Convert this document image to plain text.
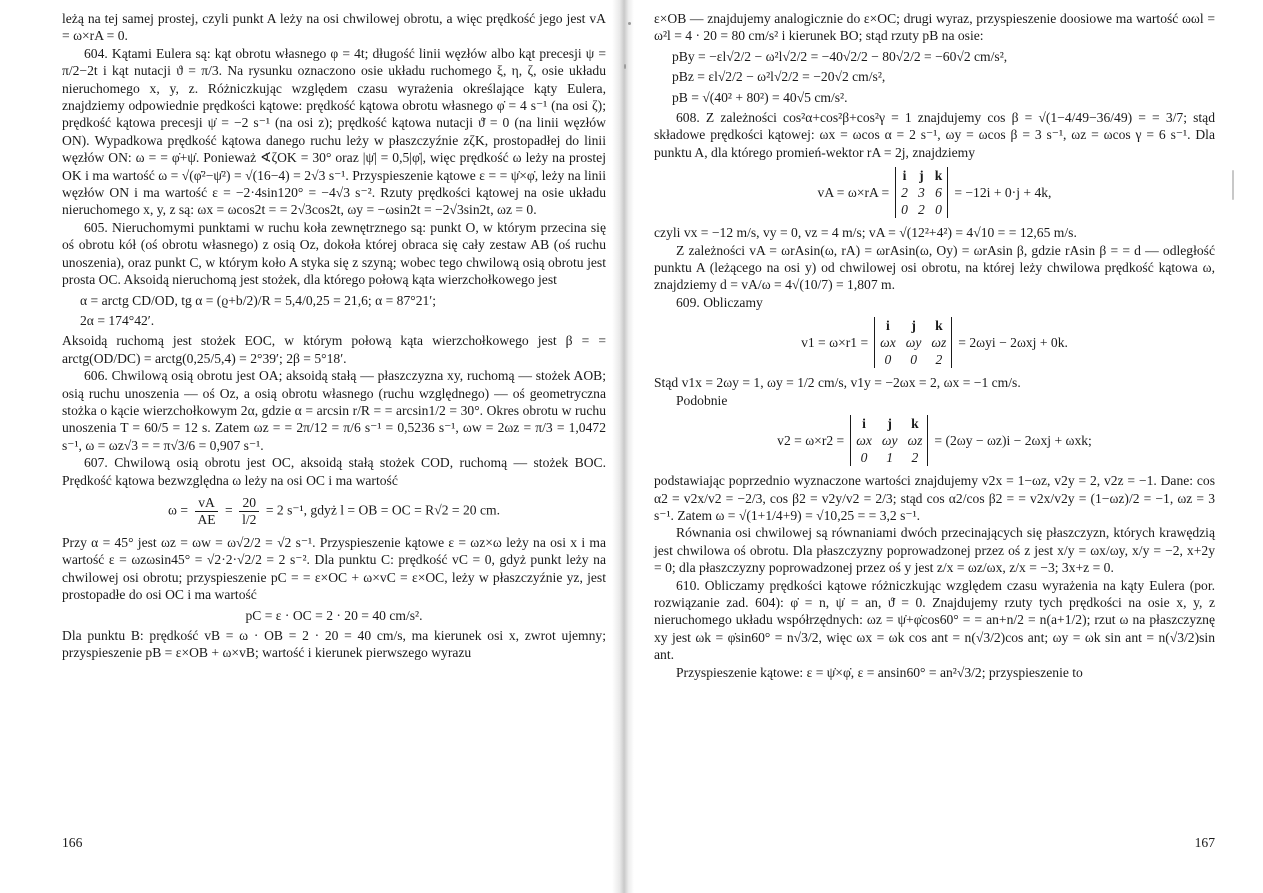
leżą na tej samej prostej, czyli punkt A leży na osi chwilowej obrotu, a więc prędkość jego jest vA = ω×rA = 0.

604. Kątami Eulera są: kąt obrotu własnego φ = 4t; długość linii węzłów albo kąt precesji ψ = π/2−2t i kąt nutacji ϑ = π/3. Na rysunku oznaczono osie układu ruchomego ξ, η, ζ, osie układu nieruchomego x, y, z. Różniczkując względem czasu wyrażenia określające kąty Eulera, znajdziemy odpowiednie prędkości kątowe: prędkość kątowa obrotu własnego φ̇ = 4 s⁻¹ (na osi ζ); prędkość kątowa precesji ψ̇ = −2 s⁻¹ (na osi z); prędkość kątowa nutacji ϑ̇ = 0 (na linii węzłów ON). Wypadkowa prędkość kątowa danego ruchu leży w płaszczyźnie zζK, prostopadłej do linii węzłów ON: ω = = φ̇+ψ̇. Ponieważ ∢ζOK = 30° oraz |ψ̇| = 0,5|φ̇|, więc prędkość ω leży na prostej OK i ma wartość ω = √(φ̇²−ψ̇²) = √(16−4) = 2√3 s⁻¹. Przyspieszenie kątowe ε = = ψ̇×φ̇, leży na linii węzłów ON i ma wartość ε = −2·4sin120° = −4√3 s⁻². Rzuty prędkości kątowej na osie układu nieruchomego x, y, z są: ωx = ωcos2t = = 2√3cos2t, ωy = −ωsin2t = −2√3sin2t, ωz = 0.

605. Nieruchomymi punktami w ruchu koła zewnętrznego są: punkt O, w którym przecina się oś obrotu kół (oś obrotu własnego) z osią Oz, dokoła której obraca się cały zestaw AB (oś ruchu unoszenia), oraz punkt C, w którym koło A styka się z szyną; wobec tego chwilową osią obrotu jest prosta OC. Aksoidą nieruchomą jest stożek, dla którego połową kąta wierzchołkowego jest

α = arctg CD/OD, tg α = (ϱ+b/2)/R = 5,4/0,25 = 21,6; α = 87°21′;
2α = 174°42′.

Aksoidą ruchomą jest stożek EOC, w którym połową kąta wierzchołkowego jest β = = arctg(OD/DC) = arctg(0,25/5,4) = 2°39′; 2β = 5°18′.

606. Chwilową osią obrotu jest OA; aksoidą stałą — płaszczyzna xy, ruchomą — stożek AOB; osią ruchu unoszenia — oś Oz, a osią obrotu własnego (ruchu względnego) — oś geometryczna stożka o kącie wierzchołkowym 2α, gdzie α = arcsin r/R = = arcsin1/2 = 30°. Okres obrotu w ruchu unoszenia T = 60/5 = 12 s. Zatem ωz = = 2π/12 = π/6 s⁻¹ = 0,5236 s⁻¹, ωw = 2ωz = π/3 = 1,0472 s⁻¹, ω = ωz√3 = = π√3/6 = 0,907 s⁻¹.

607. Chwilową osią obrotu jest OC, aksoidą stałą stożek COD, ruchomą — stożek BOC. Prędkość kątowa bezwzględna ω leży na osi OC i ma wartość

$\omega = \frac{vA}{AE} = \frac{20}{l/2} = 2$ s⁻¹, gdyż l = OB = OC = R√2 = 20 cm.

Przy α = 45° jest ωz = ωw = ω√2/2 = √2 s⁻¹. Przyspieszenie kątowe ε = ωz×ω leży na osi x i ma wartość ε = ωzωsin45° = √2·2·√2/2 = 2 s⁻². Dla punktu C: prędkość vC = 0, gdyż punkt leży na chwilowej osi obrotu; przyspieszenie pC = = ε×OC + ω×vC = ε×OC, leży w płaszczyźnie yz, jest prostopadłe do osi OC i ma wartość

pC = ε · OC = 2 · 20 = 40 cm/s².

Dla punktu B: prędkość vB = ω · OB = 2 · 20 = 40 cm/s, ma kierunek osi x, zwrot ujemny; przyspieszenie pB = ε×OB + ω×vB; wartość i kierunek pierwszego wyrazu

166

ε×OB — znajdujemy analogicznie do ε×OC; drugi wyraz, przyspieszenie doosiowe ma wartość ωωl = ω²l = 4 · 20 = 80 cm/s² i kierunek BO; stąd rzuty pB na osie:

pBy = −εl√2/2 − ω²l√2/2 = −40√2/2 − 80√2/2 = −60√2 cm/s²,
pBz = εl√2/2 − ω²l√2/2 = −20√2 cm/s²,
pB = √(40² + 80²) = 40√5 cm/s².

608. Z zależności cos²α+cos²β+cos²γ = 1 znajdujemy cos β = √(1−4/49−36/49) = = 3/7; stąd składowe prędkości kątowej: ωx = ωcos α = 2 s⁻¹, ωy = ωcos β = 3 s⁻¹, ωz = ωcos γ = 6 s⁻¹. Dla punktu A, dla którego promień-wektor rA = 2j, znajdziemy

vA = ω×rA =
i	j	k
2	3	6
0	2	0
= −12i + 0·j + 4k,

czyli vx = −12 m/s, vy = 0, vz = 4 m/s; vA = √(12²+4²) = 4√10 = = 12,65 m/s.

Z zależności vA = ωrAsin(ω, rA) = ωrAsin(ω, Oy) = ωrAsin β, gdzie rAsin β = = d — odległość punktu A (leżącego na osi y) od chwilowej osi obrotu, na której leży chwilowa prędkość kątowa ω, znajdziemy d = vA/ω = 4√(10/7) = 1,807 m.

609. Obliczamy

v1 = ω×r1 =
i	j	k
ωx	ωy	ωz
0	0	2
= 2ωyi − 2ωxj + 0k.

Stąd v1x = 2ωy = 1, ωy = 1/2 cm/s, v1y = −2ωx = 2, ωx = −1 cm/s.

Podobnie

v2 = ω×r2 =
i	j	k
ωx	ωy	ωz
0	1	2
= (2ωy − ωz)i − 2ωxj + ωxk;

podstawiając poprzednio wyznaczone wartości znajdujemy v2x = 1−ωz, v2y = 2, v2z = −1. Dane: cos α2 = v2x/v2 = −2/3, cos β2 = v2y/v2 = 2/3; stąd cos α2/cos β2 = = v2x/v2y = (1−ωz)/2 = −1, ωz = 3 s⁻¹. Zatem ω = √(1+1/4+9) = √10,25 = = 3,2 s⁻¹.

Równania osi chwilowej są równaniami dwóch przecinających się płaszczyzn, których krawędzią jest chwilowa oś obrotu. Dla płaszczyzny poprowadzonej przez oś z jest x/y = ωx/ωy, x/y = −2, x+2y = 0; dla płaszczyzny poprowadzonej przez oś y jest z/x = ωz/ωx, z/x = −3; 3x+z = 0.

610. Obliczamy prędkości kątowe różniczkując względem czasu wyrażenia na kąty Eulera (por. rozwiązanie zad. 604): φ̇ = n, ψ̇ = an, ϑ̇ = 0. Znajdujemy rzuty tych prędkości na osie x, y, z nieruchomego układu współrzędnych: ωz = ψ̇+φ̇cos60° = = an+n/2 = n(a+1/2); rzut ω na płaszczyznę xy jest ωk = φ̇sin60° = n√3/2, więc ωx = ωk cos ant = n(√3/2)cos ant; ωy = ωk sin ant = n(√3/2)sin ant.

Przyspieszenie kątowe: ε = ψ̇×φ̇, ε = ansin60° = an²√3/2; przyspieszenie to

167
